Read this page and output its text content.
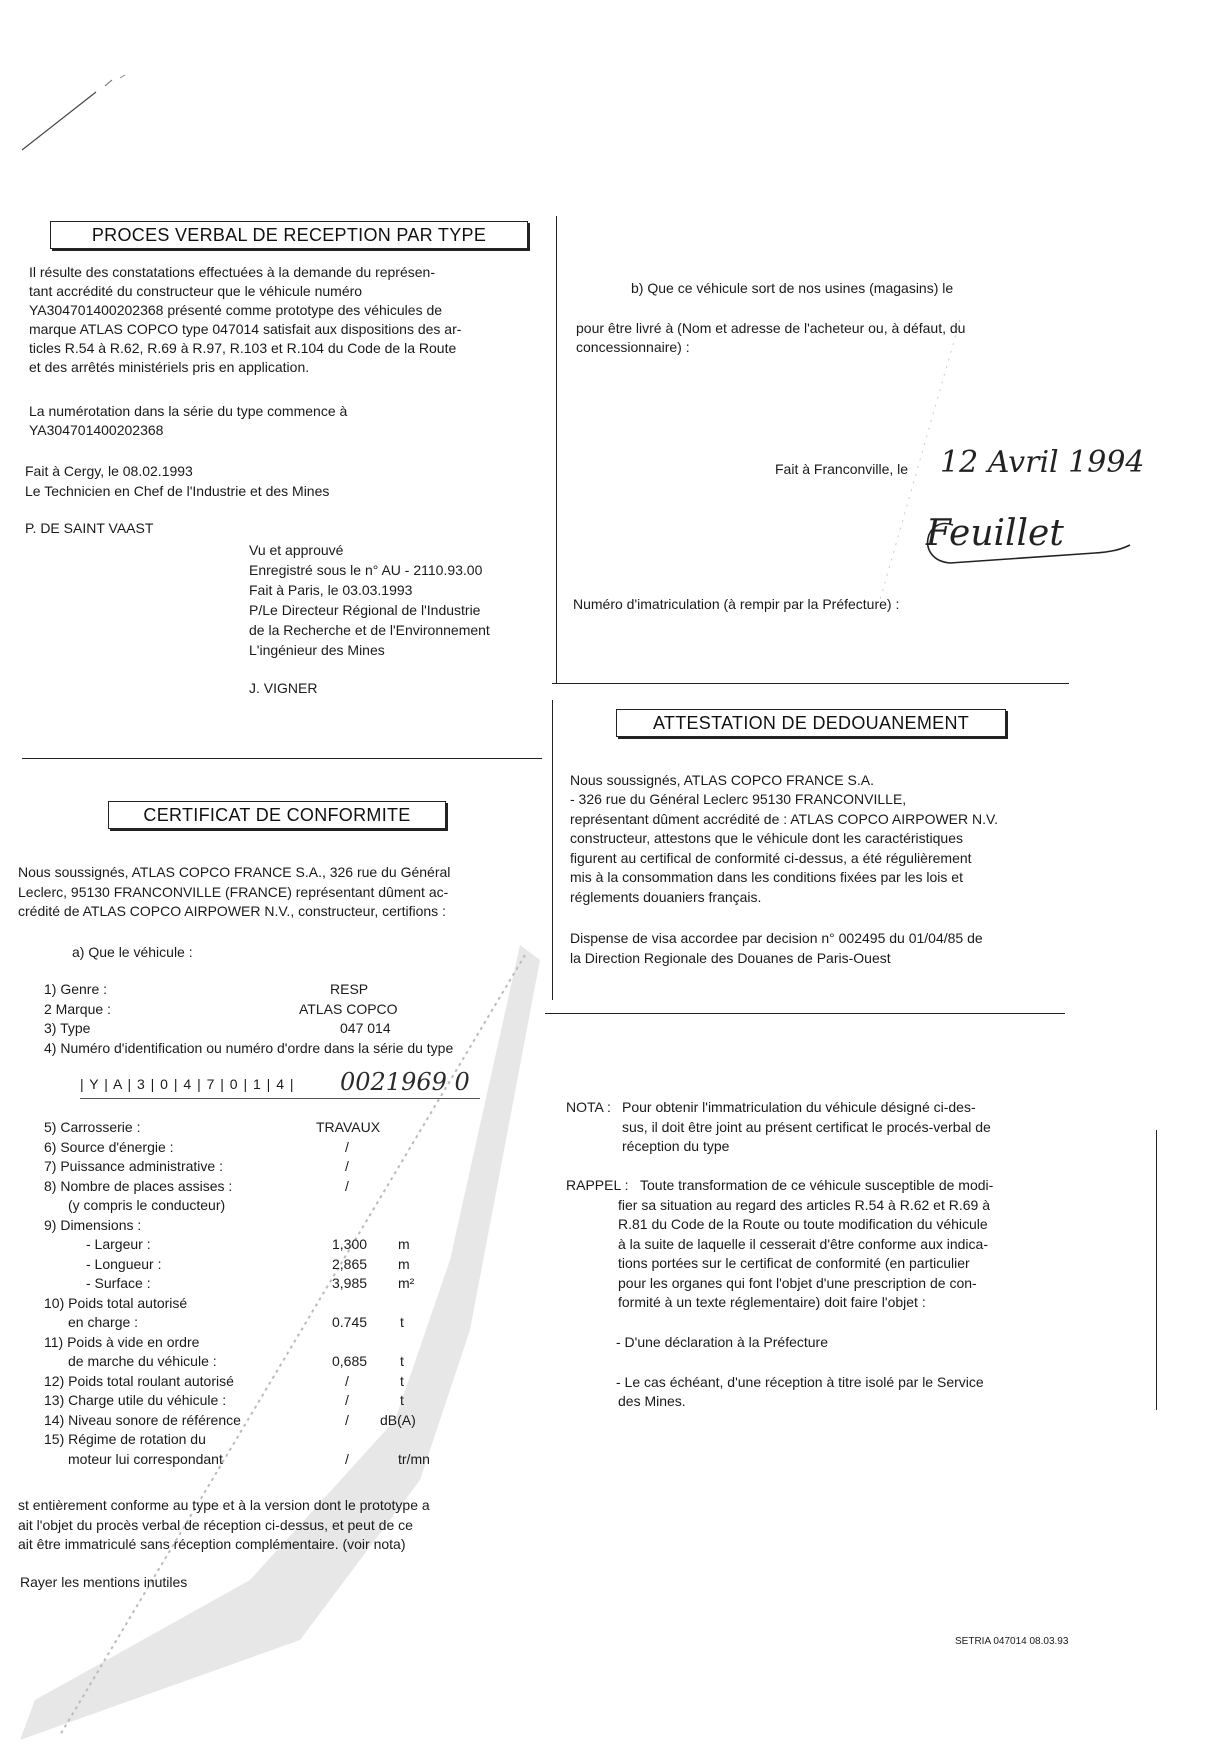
PROCES VERBAL DE RECEPTION PAR TYPE
Il résulte des constatations effectuées à la demande du représen-
tant accrédité du constructeur que le véhicule numéro
YA304701400202368 présenté comme prototype des véhicules de
marque ATLAS COPCO type 047014 satisfait aux dispositions des ar-
ticles R.54 à R.62, R.69 à R.97, R.103 et R.104 du Code de la Route
et des arrêtés ministériels pris en application.
La numérotation dans la série du type commence à
YA304701400202368
Fait à Cergy, le 08.02.1993
Le Technicien en Chef de l'Industrie et des Mines
P. DE SAINT VAAST
Vu et approuvé
Enregistré sous le n° AU - 2110.93.00
Fait à Paris, le 03.03.1993
P/Le Directeur Régional de l'Industrie
de la Recherche et de l'Environnement
L'ingénieur des Mines
J. VIGNER
CERTIFICAT DE CONFORMITE
Nous soussignés, ATLAS COPCO FRANCE S.A., 326 rue du Général
Leclerc, 95130 FRANCONVILLE (FRANCE) représentant dûment ac-
crédité de ATLAS COPCO AIRPOWER N.V., constructeur, certifions :
a) Que le véhicule :
1) Genre :	RESP
2 Marque :	ATLAS COPCO
3) Type	047 014
4) Numéro d'identification ou numéro d'ordre dans la série du type
| Y | A | 3 | 0 | 4 | 7 | 0 | 1 | 4 | 0021969 0
5) Carrosserie :	TRAVAUX
6) Source d'énergie :	/
7) Puissance administrative :	/
8) Nombre de places assises :	/
(y compris le conducteur)
9) Dimensions :
- Largeur :	1,300 m
- Longueur :	2,865 m
- Surface :	3,985 m²
10) Poids total autorisé
en charge :	0.745 t
11) Poids à vide en ordre
de marche du véhicule :	0,685 t
12) Poids total roulant autorisé	/	t
13) Charge utile du véhicule :	/	t
14) Niveau sonore de référence	/ dB(A)
15) Régime de rotation du
moteur lui correspondant	/	tr/mn
st entièrement conforme au type et à la version dont le prototype a
ait l'objet du procès verbal de réception ci-dessus, et peut de ce
ait être immatriculé sans réception complémentaire. (voir nota)
Rayer les mentions inutiles
b) Que ce véhicule sort de nos usines (magasins) le
pour être livré à (Nom et adresse de l'acheteur ou, à défaut, du
concessionnaire) :
Fait à Franconville, le 12 Avril 1994
Feuillet
Numéro d'imatriculation (à rempir par la Préfecture) :
ATTESTATION DE DEDOUANEMENT
Nous soussignés, ATLAS COPCO FRANCE S.A.
- 326 rue du Général Leclerc 95130 FRANCONVILLE,
représentant dûment accrédité de : ATLAS COPCO AIRPOWER N.V.
constructeur, attestons que le véhicule dont les caractéristiques
figurent au certifical de conformité ci-dessus, a été régulièrement
mis à la consommation dans les conditions fixées par les lois et
réglements douaniers français.
Dispense de visa accordee par decision n° 002495 du 01/04/85 de
la Direction Regionale des Douanes de Paris-Ouest
NOTA : Pour obtenir l'immatriculation du véhicule désigné ci-des-
sus, il doit être joint au présent certificat le procés-verbal de
réception du type
RAPPEL : Toute transformation de ce véhicule susceptible de modi-
fier sa situation au regard des articles R.54 à R.62 et R.69 à
R.81 du Code de la Route ou toute modification du véhicule
à la suite de laquelle il cesserait d'être conforme aux indica-
tions portées sur le certificat de conformité (en particulier
pour les organes qui font l'objet d'une prescription de con-
formité à un texte réglementaire) doit faire l'objet :
- D'une déclaration à la Préfecture
- Le cas échéant, d'une réception à titre isolé par le Service
des Mines.
SETRIA 047014 08.03.93
